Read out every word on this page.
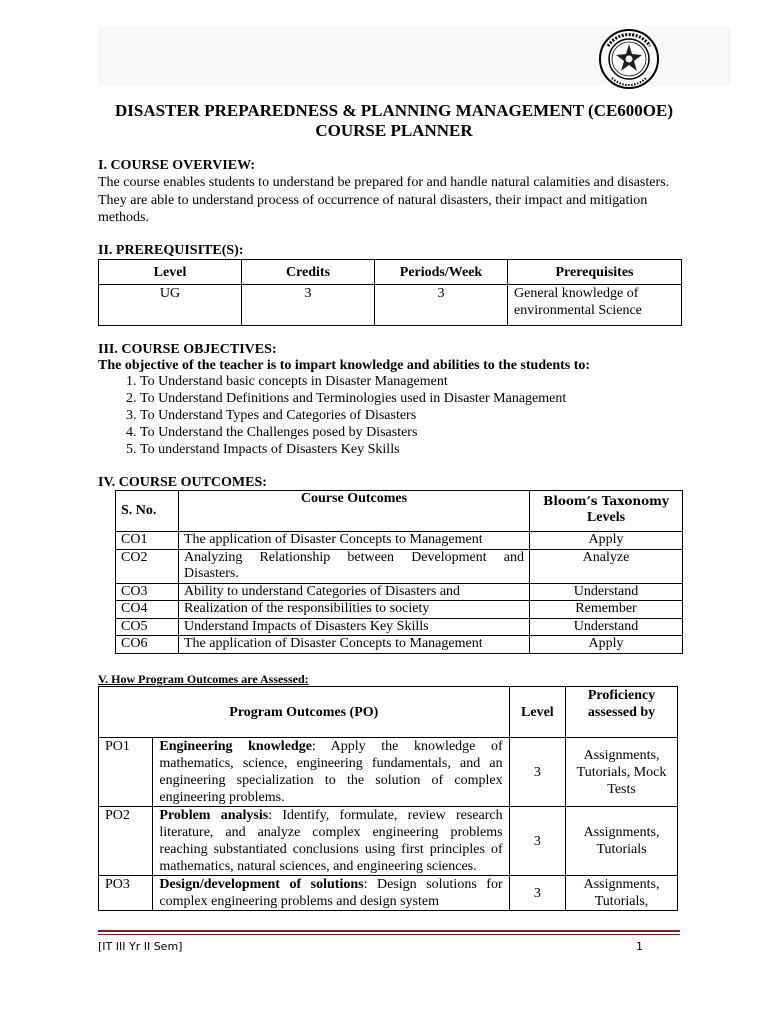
DISASTER PREPAREDNESS & PLANNING MANAGEMENT (CE600OE)
COURSE PLANNER
I. COURSE OVERVIEW:
The course enables students to understand be prepared for and handle natural calamities and disasters. They are able to understand process of occurrence of natural disasters, their impact and mitigation methods.
II. PREREQUISITE(S):
Level	Credits	Periods/Week	Prerequisites
UG	3	3	General knowledge of environmental Science
III. COURSE OBJECTIVES:
The objective of the teacher is to impart knowledge and abilities to the students to:
1. To Understand basic concepts in Disaster Management
2. To Understand Definitions and Terminologies used in Disaster Management
3. To Understand Types and Categories of Disasters
4. To Understand the Challenges posed by Disasters
5. To understand Impacts of Disasters Key Skills
IV. COURSE OUTCOMES:
S. No.	Course Outcomes	Bloom’s Taxonomy
Levels

CO1	The application of Disaster Concepts to Management	Apply
CO2	Analyzing Relationship between Development and Disasters.	Analyze
CO3	Ability to understand Categories of Disasters and	Understand
CO4	Realization of the responsibilities to society	Remember
CO5	Understand Impacts of Disasters Key Skills	Understand
CO6	The application of Disaster Concepts to Management	Apply
V. How Program Outcomes are Assessed:
Program Outcomes (PO)		Level	Proficiency assessed by
PO1	Engineering knowledge: Apply the knowledge of mathematics, science, engineering fundamentals, and an engineering specialization to the solution of complex engineering problems.	3	Assignments, Tutorials, Mock Tests
PO2	Problem analysis: Identify, formulate, review research literature, and analyze complex engineering problems reaching substantiated conclusions using first principles of mathematics, natural sciences, and engineering sciences.	3	Assignments, Tutorials
PO3	Design/development of solutions: Design solutions for complex engineering problems and design system	3	Assignments, Tutorials,
[IT III Yr II Sem]	1
